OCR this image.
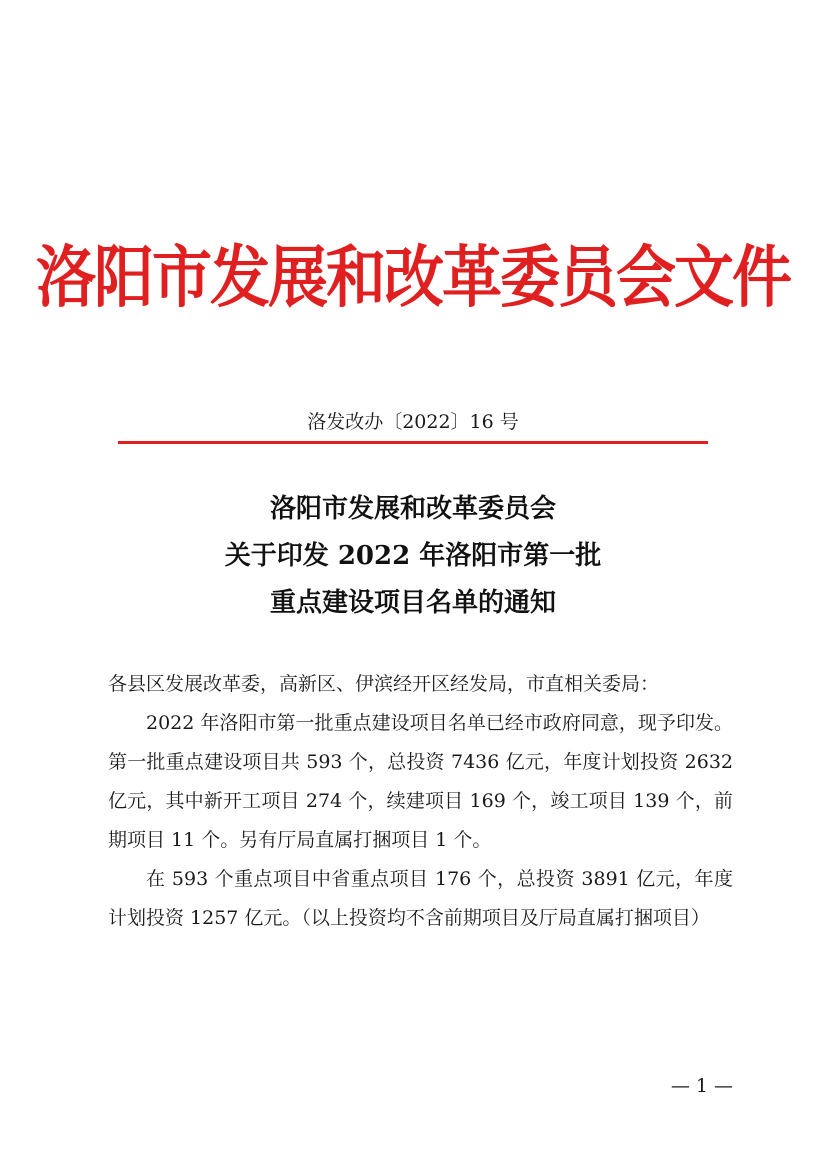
洛阳市发展和改革委员会文件
洛发改办〔2022〕16 号
洛阳市发展和改革委员会
关于印发 2022 年洛阳市第一批
重点建设项目名单的通知
各县区发展改革委，高新区、伊滨经开区经发局，市直相关委局：
2022 年洛阳市第一批重点建设项目名单已经市政府同意，现予印发。第一批重点建设项目共 593 个，总投资 7436 亿元，年度计划投资 2632 亿元，其中新开工项目 274 个，续建项目 169 个，竣工项目 139 个，前期项目 11 个。另有厅局直属打捆项目 1 个。
在 593 个重点项目中省重点项目 176 个，总投资 3891 亿元，年度计划投资 1257 亿元。（以上投资均不含前期项目及厅局直属打捆项目）
— 1 —
